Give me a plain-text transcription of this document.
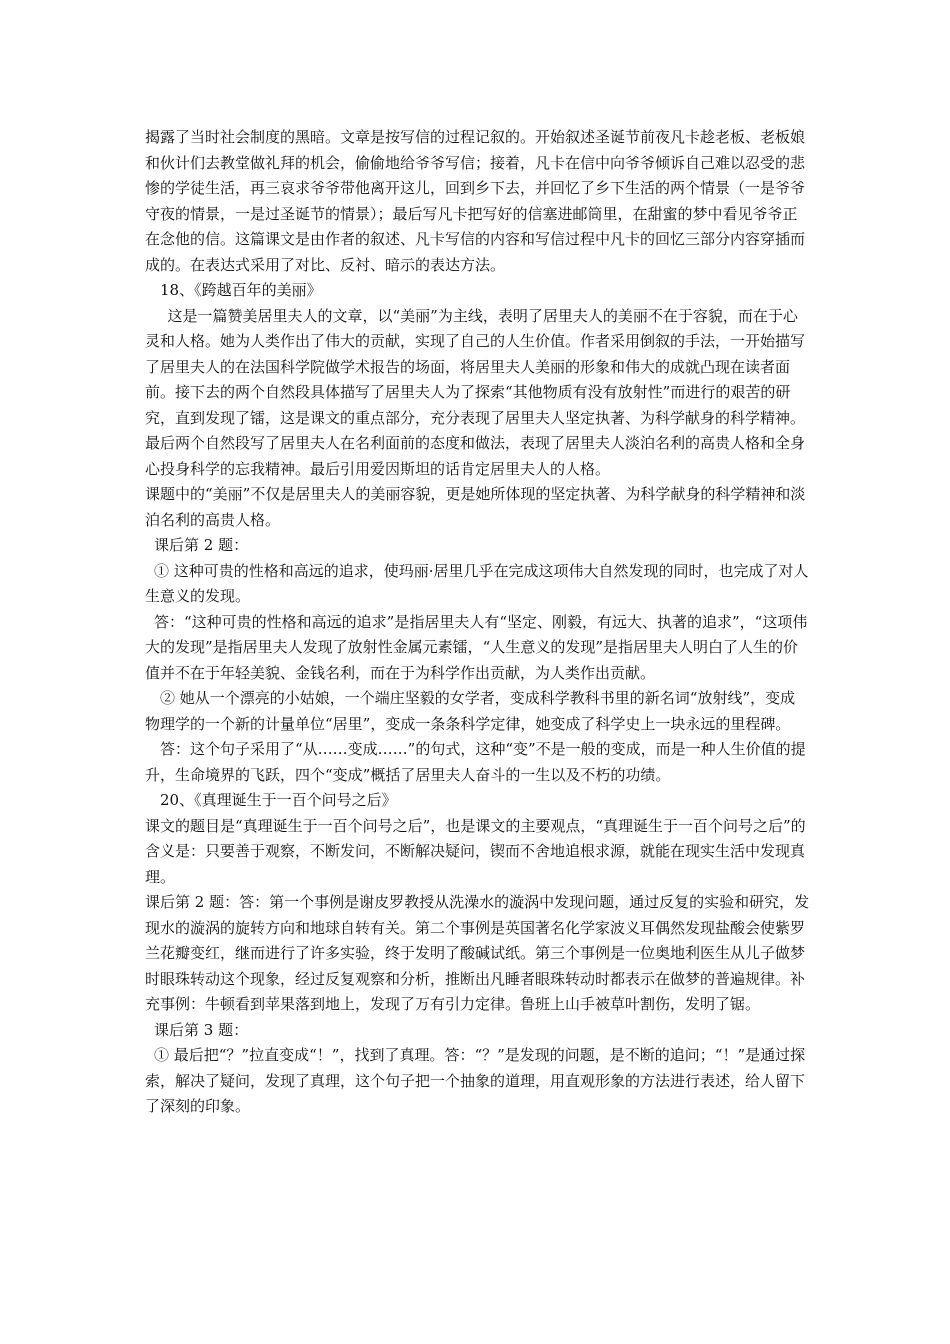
揭露了当时社会制度的黑暗。文章是按写信的过程记叙的。开始叙述圣诞节前夜凡卡趁老板、老板娘和伙计们去教堂做礼拜的机会，偷偷地给爷爷写信；接着，凡卡在信中向爷爷倾诉自己难以忍受的悲惨的学徒生活，再三哀求爷爷带他离开这儿，回到乡下去，并回忆了乡下生活的两个情景（一是爷爷守夜的情景，一是过圣诞节的情景）；最后写凡卡把写好的信塞进邮筒里，在甜蜜的梦中看见爷爷正在念他的信。这篇课文是由作者的叙述、凡卡写信的内容和写信过程中凡卡的回忆三部分内容穿插而成的。在表达式采用了对比、反衬、暗示的表达方法。

18、《跨越百年的美丽》

这是一篇赞美居里夫人的文章，以“美丽”为主线，表明了居里夫人的美丽不在于容貌，而在于心灵和人格。她为人类作出了伟大的贡献，实现了自己的人生价值。作者采用倒叙的手法，一开始描写了居里夫人的在法国科学院做学术报告的场面，将居里夫人美丽的形象和伟大的成就凸现在读者面前。接下去的两个自然段具体描写了居里夫人为了探索“其他物质有没有放射性”而进行的艰苦的研究，直到发现了镭，这是课文的重点部分，充分表现了居里夫人坚定执著、为科学献身的科学精神。最后两个自然段写了居里夫人在名利面前的态度和做法，表现了居里夫人淡泊名利的高贵人格和全身心投身科学的忘我精神。最后引用爱因斯坦的话肯定居里夫人的人格。

课题中的“美丽”不仅是居里夫人的美丽容貌，更是她所体现的坚定执著、为科学献身的科学精神和淡泊名利的高贵人格。

课后第 2 题：

① 这种可贵的性格和高远的追求，使玛丽·居里几乎在完成这项伟大自然发现的同时，也完成了对人生意义的发现。

答：“这种可贵的性格和高远的追求”是指居里夫人有“坚定、刚毅，有远大、执著的追求”，“这项伟大的发现”是指居里夫人发现了放射性金属元素镭，“人生意义的发现”是指居里夫人明白了人生的价值并不在于年轻美貌、金钱名利，而在于为科学作出贡献，为人类作出贡献。

② 她从一个漂亮的小姑娘，一个端庄坚毅的女学者，变成科学教科书里的新名词“放射线”，变成物理学的一个新的计量单位“居里”，变成一条条科学定律，她变成了科学史上一块永远的里程碑。

答：这个句子采用了“从……变成……”的句式，这种“变”不是一般的变成，而是一种人生价值的提升，生命境界的飞跃，四个“变成”概括了居里夫人奋斗的一生以及不朽的功绩。

20、《真理诞生于一百个问号之后》

课文的题目是“真理诞生于一百个问号之后”，也是课文的主要观点，“真理诞生于一百个问号之后”的含义是：只要善于观察，不断发问，不断解决疑问，锲而不舍地追根求源，就能在现实生活中发现真理。

课后第 2 题：答：第一个事例是谢皮罗教授从洗澡水的漩涡中发现问题，通过反复的实验和研究，发现水的漩涡的旋转方向和地球自转有关。第二个事例是英国著名化学家波义耳偶然发现盐酸会使紫罗兰花瓣变红，继而进行了许多实验，终于发明了酸碱试纸。第三个事例是一位奥地利医生从儿子做梦时眼珠转动这个现象，经过反复观察和分析，推断出凡睡者眼珠转动时都表示在做梦的普遍规律。补充事例：牛顿看到苹果落到地上，发现了万有引力定律。鲁班上山手被草叶割伤，发明了锯。

课后第 3 题：

① 最后把“？”拉直变成“！”，找到了真理。答：“？”是发现的问题，是不断的追问；“！”是通过探索，解决了疑问，发现了真理，这个句子把一个抽象的道理，用直观形象的方法进行表述，给人留下了深刻的印象。
